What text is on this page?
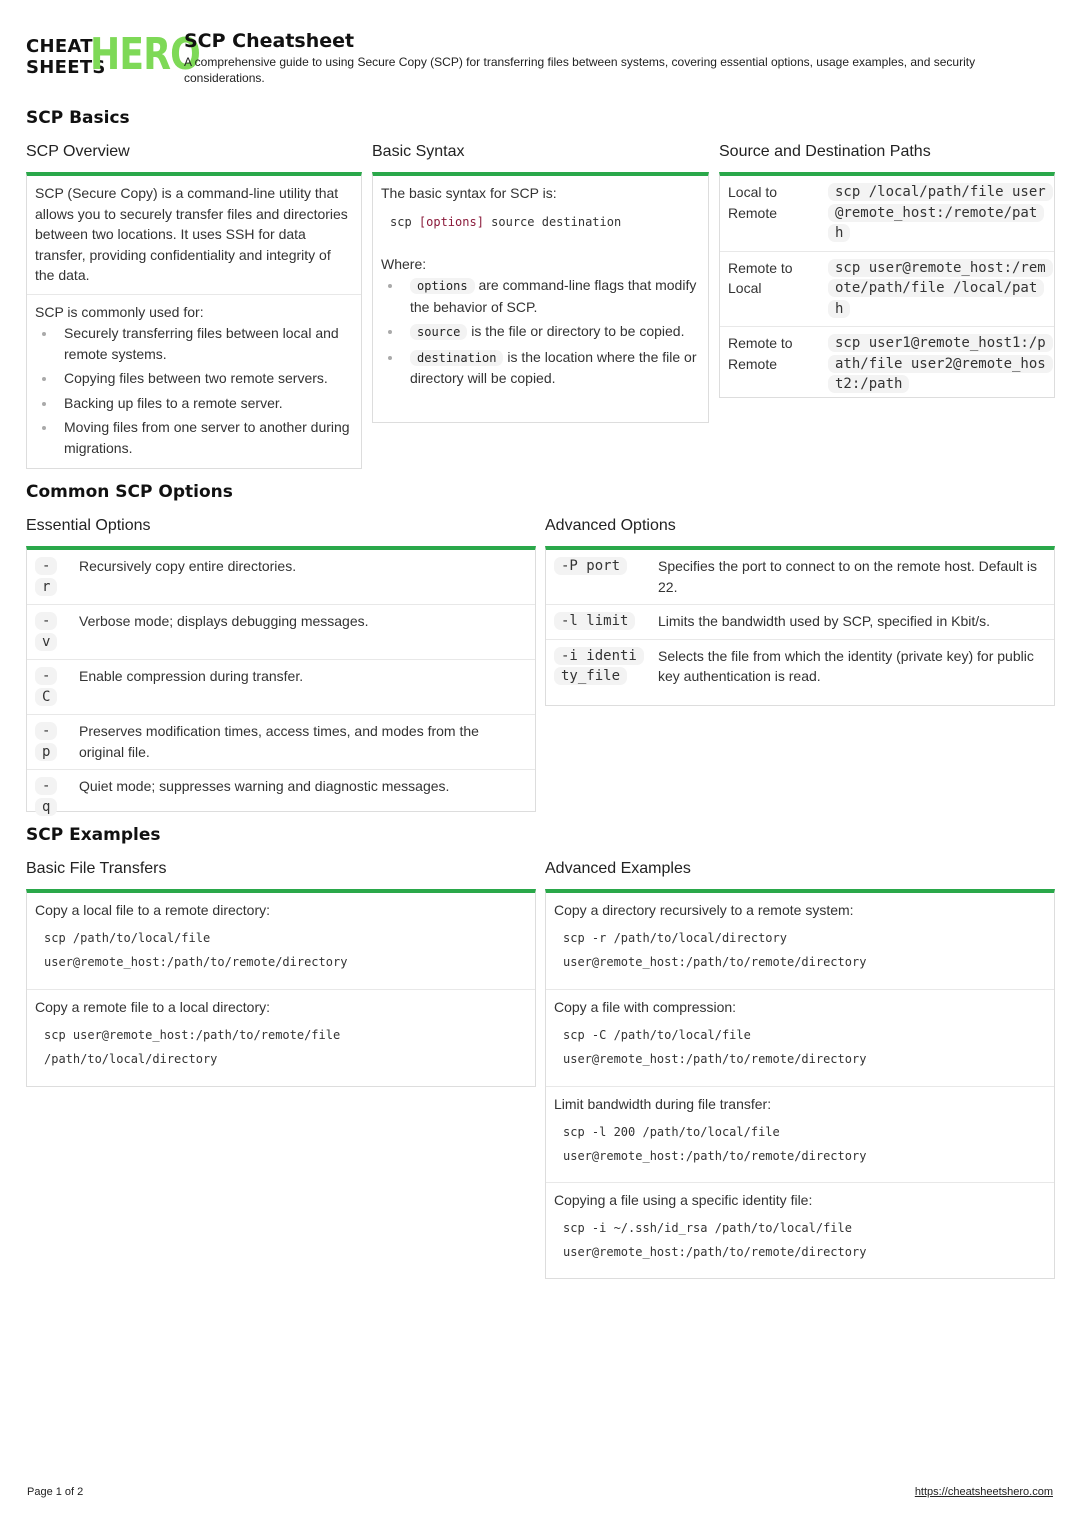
CHEAT
SHEETS
HERO
SCP Cheatsheet
A comprehensive guide to using Secure Copy (SCP) for transferring files between systems, covering essential options, usage examples, and security considerations.
SCP Basics
SCP Overview
SCP (Secure Copy) is a command-line utility that allows you to securely transfer files and directories between two locations. It uses SSH for data transfer, providing confidentiality and integrity of the data.
SCP is commonly used for:
Securely transferring files between local and remote systems.
Copying files between two remote servers.
Backing up files to a remote server.
Moving files from one server to another during migrations.
Basic Syntax
The basic syntax for SCP is:
scp [options] source destination
Where:
options are command-line flags that modify the behavior of SCP.
source is the file or directory to be copied.
destination is the location where the file or directory will be copied.
Source and Destination Paths
Local to Remote	scp /local/path/file user@remote_host:/remote/path
Remote to Local	scp user@remote_host:/remote/path/file /local/path
Remote to Remote	scp user1@remote_host1:/path/file user2@remote_host2:/path
Common SCP Options
Essential Options
-r	Recursively copy entire directories.
-v	Verbose mode; displays debugging messages.
-C	Enable compression during transfer.
-p	Preserves modification times, access times, and modes from the original file.
-q	Quiet mode; suppresses warning and diagnostic messages.
Advanced Options
-P port	Specifies the port to connect to on the remote host. Default is 22.
-l limit	Limits the bandwidth used by SCP, specified in Kbit/s.
-i identity_file	Selects the file from which the identity (private key) for public key authentication is read.
SCP Examples
Basic File Transfers
Copy a local file to a remote directory:
scp /path/to/local/file
user@remote_host:/path/to/remote/directory
Copy a remote file to a local directory:
scp user@remote_host:/path/to/remote/file
/path/to/local/directory
Advanced Examples
Copy a directory recursively to a remote system:
scp -r /path/to/local/directory
user@remote_host:/path/to/remote/directory
Copy a file with compression:
scp -C /path/to/local/file
user@remote_host:/path/to/remote/directory
Limit bandwidth during file transfer:
scp -l 200 /path/to/local/file
user@remote_host:/path/to/remote/directory
Copying a file using a specific identity file:
scp -i ~/.ssh/id_rsa /path/to/local/file
user@remote_host:/path/to/remote/directory
Page 1 of 2	https://cheatsheetshero.com
